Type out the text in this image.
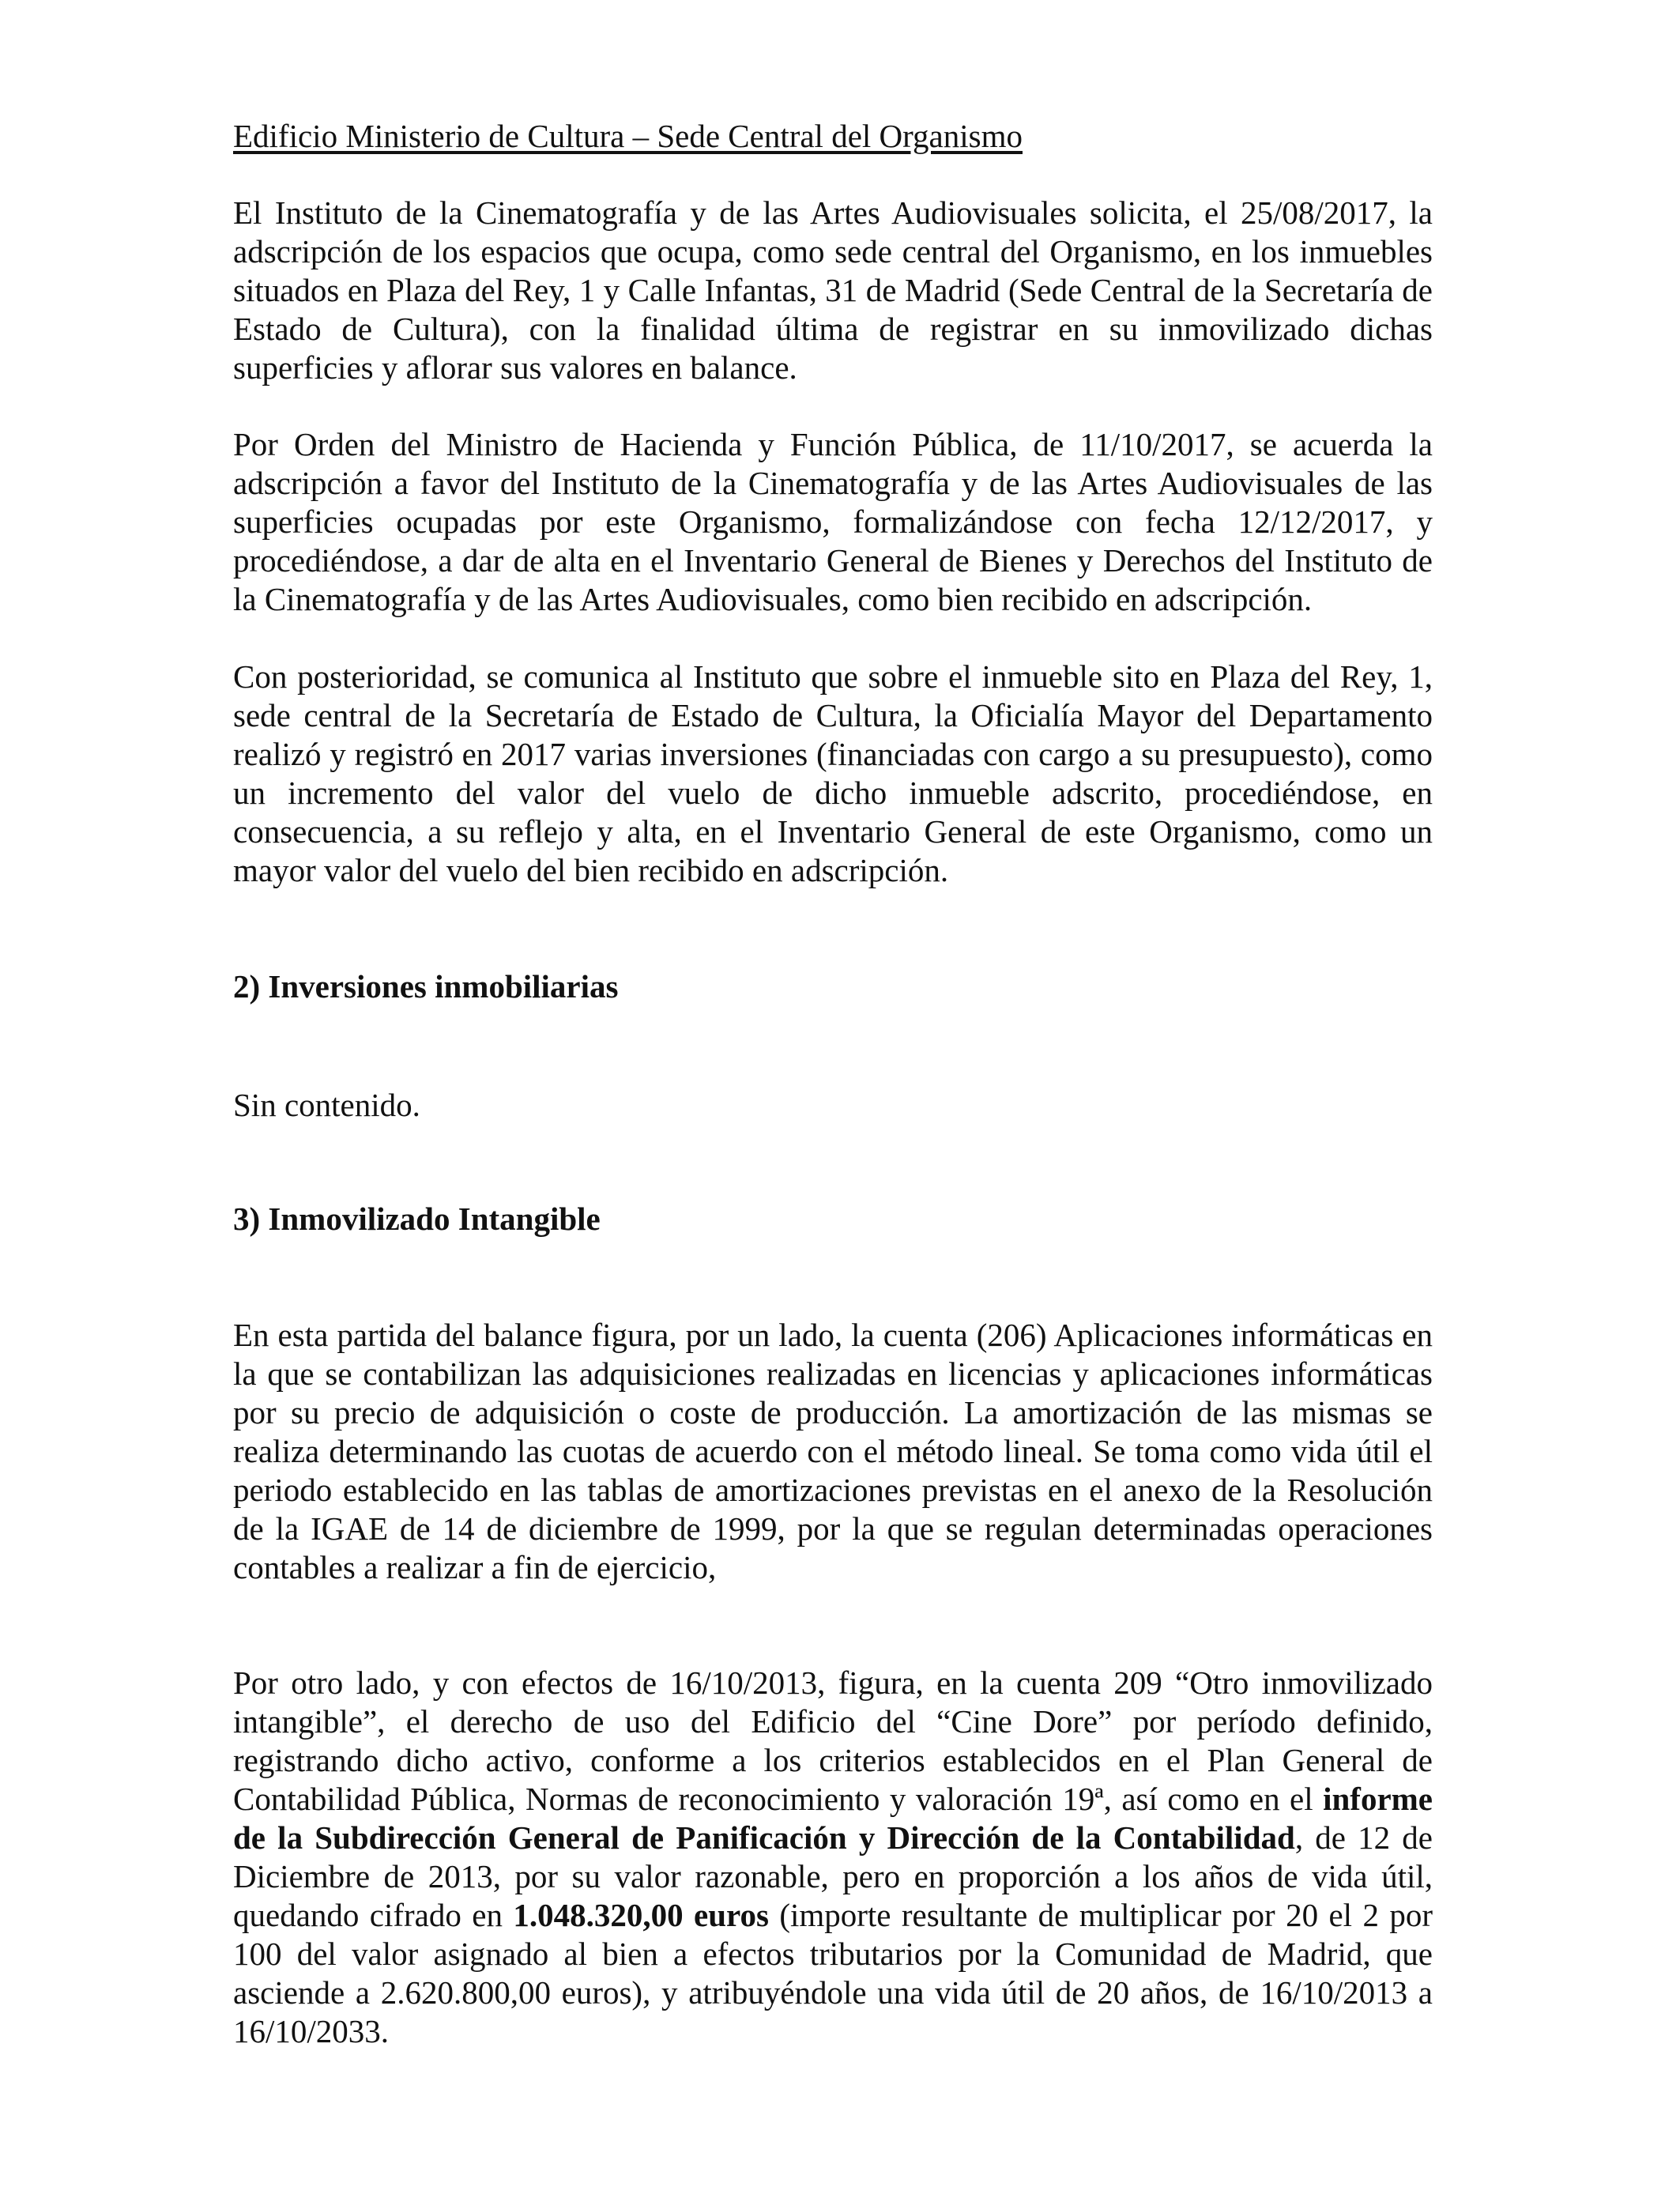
Edificio Ministerio de Cultura – Sede Central del Organismo

El Instituto de la Cinematografía y de las Artes Audiovisuales solicita, el 25/08/2017, la adscripción de los espacios que ocupa, como sede central del Organismo, en los inmuebles situados en Plaza del Rey, 1 y Calle Infantas, 31 de Madrid (Sede Central de la Secretaría de Estado de Cultura), con la finalidad última de registrar en su inmovilizado dichas superficies y aflorar sus valores en balance.

Por Orden del Ministro de Hacienda y Función Pública, de 11/10/2017, se acuerda la adscripción a favor del Instituto de la Cinematografía y de las Artes Audiovisuales de las superficies ocupadas por este Organismo, formalizándose con fecha 12/12/2017, y procediéndose, a dar de alta en el Inventario General de Bienes y Derechos del Instituto de la Cinematografía y de las Artes Audiovisuales, como bien recibido en adscripción.

Con posterioridad, se comunica al Instituto que sobre el inmueble sito en Plaza del Rey, 1, sede central de la Secretaría de Estado de Cultura, la Oficialía Mayor del Departamento realizó y registró en 2017 varias inversiones (financiadas con cargo a su presupuesto), como un incremento del valor del vuelo de dicho inmueble adscrito, procediéndose, en consecuencia, a su reflejo y alta, en el Inventario General de este Organismo, como un mayor valor del vuelo del bien recibido en adscripción.

2) Inversiones inmobiliarias

Sin contenido.

3) Inmovilizado Intangible

En esta partida del balance figura, por un lado, la cuenta (206) Aplicaciones informáticas en la que se contabilizan las adquisiciones realizadas en licencias y aplicaciones informáticas por su precio de adquisición o coste de producción. La amortización de las mismas se realiza determinando las cuotas de acuerdo con el método lineal. Se toma como vida útil el periodo establecido en las tablas de amortizaciones previstas en el anexo de la Resolución de la IGAE de 14 de diciembre de 1999, por la que se regulan determinadas operaciones contables a realizar a fin de ejercicio,

Por otro lado, y con efectos de 16/10/2013, figura, en la cuenta 209 “Otro inmovilizado intangible”, el derecho de uso del Edificio del “Cine Dore” por período definido, registrando dicho activo, conforme a los criterios establecidos en el Plan General de Contabilidad Pública, Normas de reconocimiento y valoración 19ª, así como en el informe de la Subdirección General de Panificación y Dirección de la Contabilidad, de 12 de Diciembre de 2013, por su valor razonable, pero en proporción a los años de vida útil, quedando cifrado en 1.048.320,00 euros (importe resultante de multiplicar por 20 el 2 por 100 del valor asignado al bien a efectos tributarios por la Comunidad de Madrid, que asciende a 2.620.800,00 euros), y atribuyéndole una vida útil de 20 años, de 16/10/2013 a 16/10/2033.
